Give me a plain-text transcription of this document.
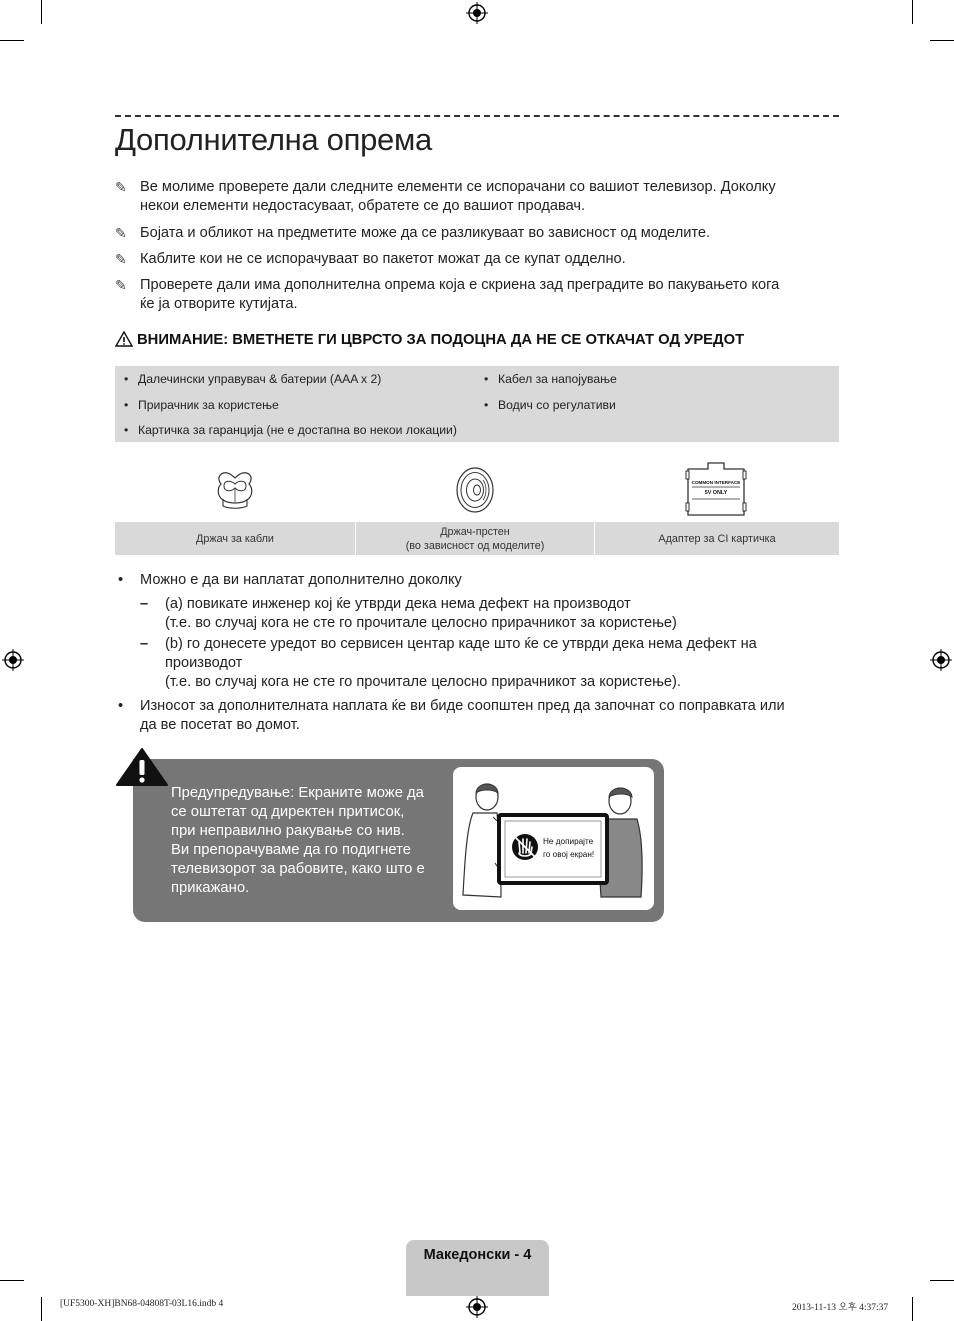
Дополнителна опрема
✎ Ве молиме проверете дали следните елементи се испорачани со вашиот телевизор. Доколку
некои елементи недостасуваат, обратете се до вашиот продавач.
✎ Бојата и обликот на предметите може да се разликуваат во зависност од моделите.
✎ Каблите кои не се испорачуваат во пакетот можат да се купат одделно.
✎ Проверете дали има дополнителна опрема која е скриена зад преградите во пакувањето кога
ќе ја отворите кутијата.
ВНИМАНИЕ: ВМЕТНЕТЕ ГИ ЦВРСТО ЗА ПОДОЦНА ДА НЕ СЕ ОТКАЧАТ ОД УРЕДОТ
• Далечински управувач & батерии (AAA x 2)
• Прирачник за користење
• Картичка за гаранција (не е достапна во некои локации)
• Кабел за напојување
• Водич со регулативи
COMMON INTERFACE
5V ONLY
Држач за кабли
Држач-прстен
(во зависност од моделите)
Адаптер за CI картичка
• Можно е да ви наплатат дополнително доколку
– (a) повикате инженер кој ќе утврди дека нема дефект на производот
(т.е. во случај кога не сте го прочитале целосно прирачникот за користење)
– (b) го донесете уредот во сервисен центар каде што ќе се утврди дека нема дефект на
производот
(т.е. во случај кога не сте го прочитале целосно прирачникот за користење).
• Износот за дополнителната наплата ќе ви биде соопштен пред да започнат со поправката или
да ве посетат во домот.
Предупредување: Екраните може да
се оштетат од директен притисок,
при неправилно ракување со нив.
Ви препорачуваме да го подигнете
телевизорот за рабовите, како што е
прикажано.
Не допирајте
го овој екран!
Македонски - 4
[UF5300-XH]BN68-04808T-03L16.indb 4	2013-11-13 오후 4:37:37
